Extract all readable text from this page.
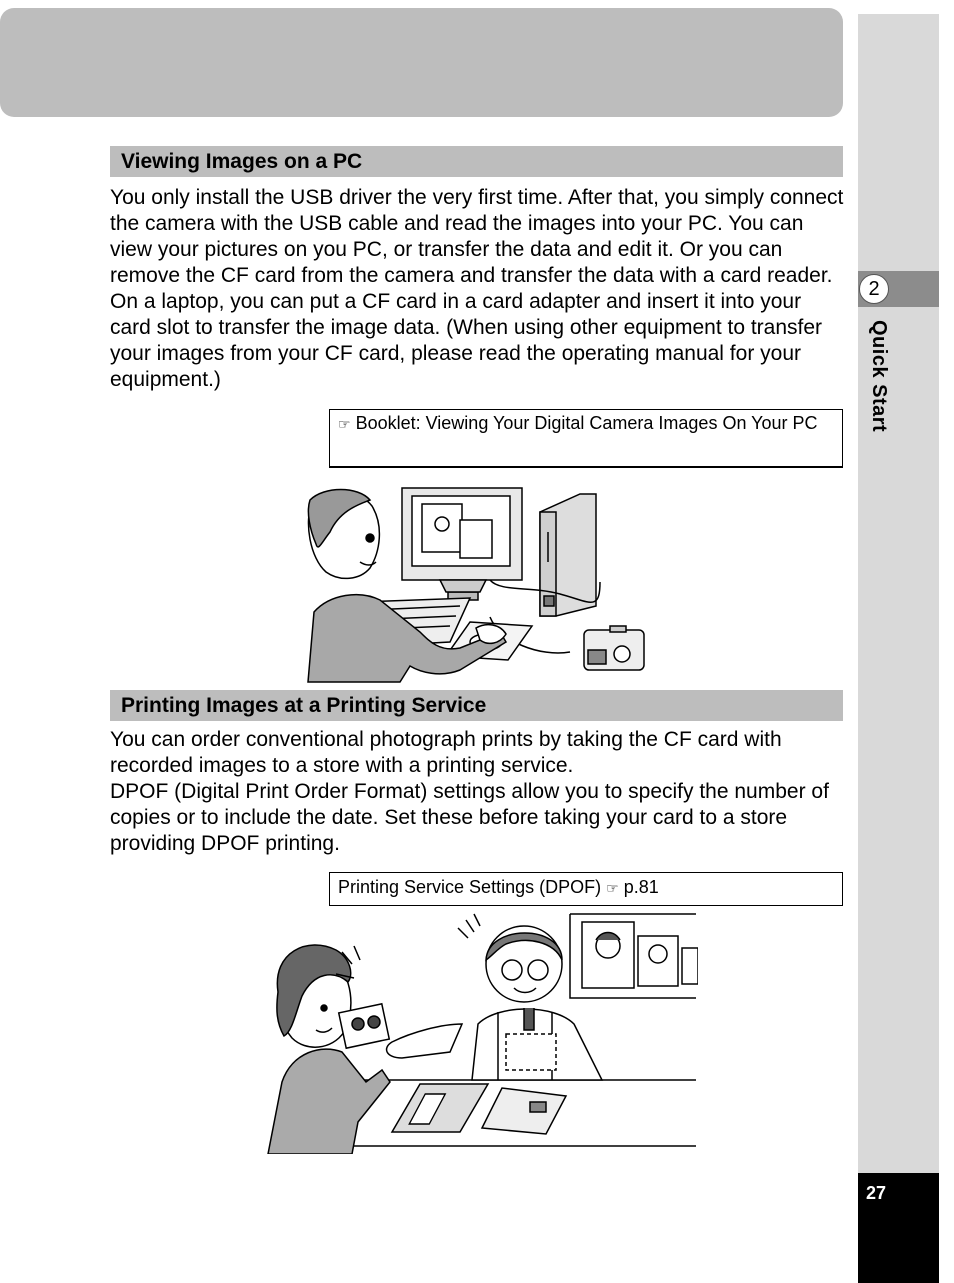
2
Quick Start
27
Viewing Images on a PC

You only install the USB driver the very first time. After that, you simply connect the camera with the USB cable and read the images into your PC. You can view your pictures on you PC, or transfer the data and edit it. Or you can remove the CF card from the camera and transfer the data with a card reader. On a laptop, you can put a CF card in a card adapter and insert it into your card slot to transfer the image data. (When using other equipment to transfer your images from your CF card, please read the operating manual for your equipment.)

☞ Booklet: Viewing Your Digital Camera Images On Your PC
Printing Images at a Printing Service

You can order conventional photograph prints by taking the CF card with recorded images to a store with a printing service.

DPOF (Digital Print Order Format) settings allow you to specify the number of copies or to include the date. Set these before taking your card to a store providing DPOF printing.

Printing Service Settings (DPOF) ☞ p.81
